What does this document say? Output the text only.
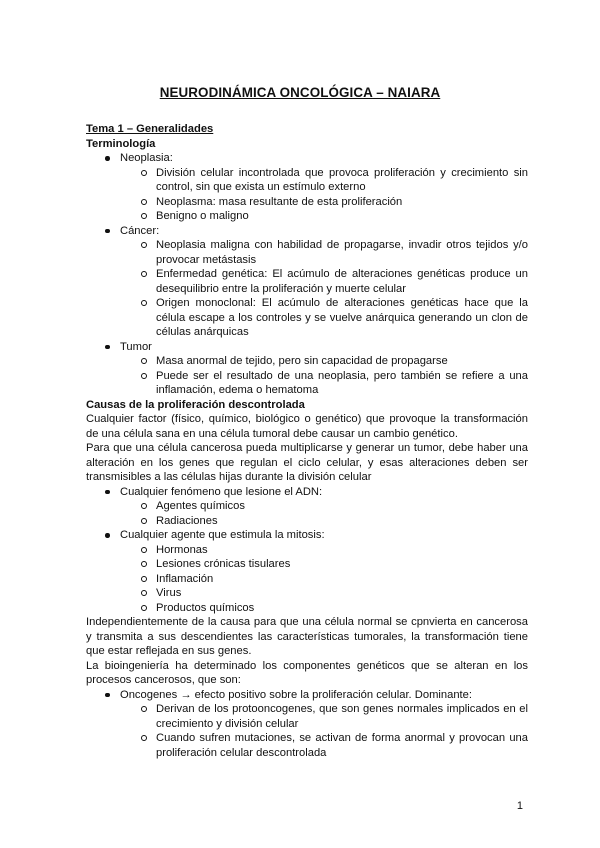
NEURODINÁMICA ONCOLÓGICA – NAIARA

Tema 1 – Generalidades

Terminología

Neoplasia:
División celular incontrolada que provoca proliferación y crecimiento sin control, sin que exista un estímulo externo
Neoplasma: masa resultante de esta proliferación
Benigno o maligno
Cáncer:
Neoplasia maligna con habilidad de propagarse, invadir otros tejidos y/o provocar metástasis
Enfermedad genética: El acúmulo de alteraciones genéticas produce un desequilibrio entre la proliferación y muerte celular
Origen monoclonal: El acúmulo de alteraciones genéticas hace que la célula escape a los controles y se vuelve anárquica generando un clon de células anárquicas
Tumor
Masa anormal de tejido, pero sin capacidad de propagarse
Puede ser el resultado de una neoplasia, pero también se refiere a una inflamación, edema o hematoma

Causas de la proliferación descontrolada

Cualquier factor (físico, químico, biológico o genético) que provoque la transformación de una célula sana en una célula tumoral debe causar un cambio genético.

Para que una célula cancerosa pueda multiplicarse y generar un tumor, debe haber una alteración en los genes que regulan el ciclo celular, y esas alteraciones deben ser transmisibles a las células hijas durante la división celular

Cualquier fenómeno que lesione el ADN:
Agentes químicos
Radiaciones
Cualquier agente que estimula la mitosis:
Hormonas
Lesiones crónicas tisulares
Inflamación
Virus
Productos químicos

Independientemente de la causa para que una célula normal se cpnvierta en cancerosa y transmita a sus descendientes las características tumorales, la transformación tiene que estar reflejada en sus genes.

La bioingeniería ha determinado los componentes genéticos que se alteran en los procesos cancerosos, que son:

Oncogenes → efecto positivo sobre la proliferación celular. Dominante:
Derivan de los protooncogenes, que son genes normales implicados en el crecimiento y división celular
Cuando sufren mutaciones, se activan de forma anormal y provocan una proliferación celular descontrolada
1
